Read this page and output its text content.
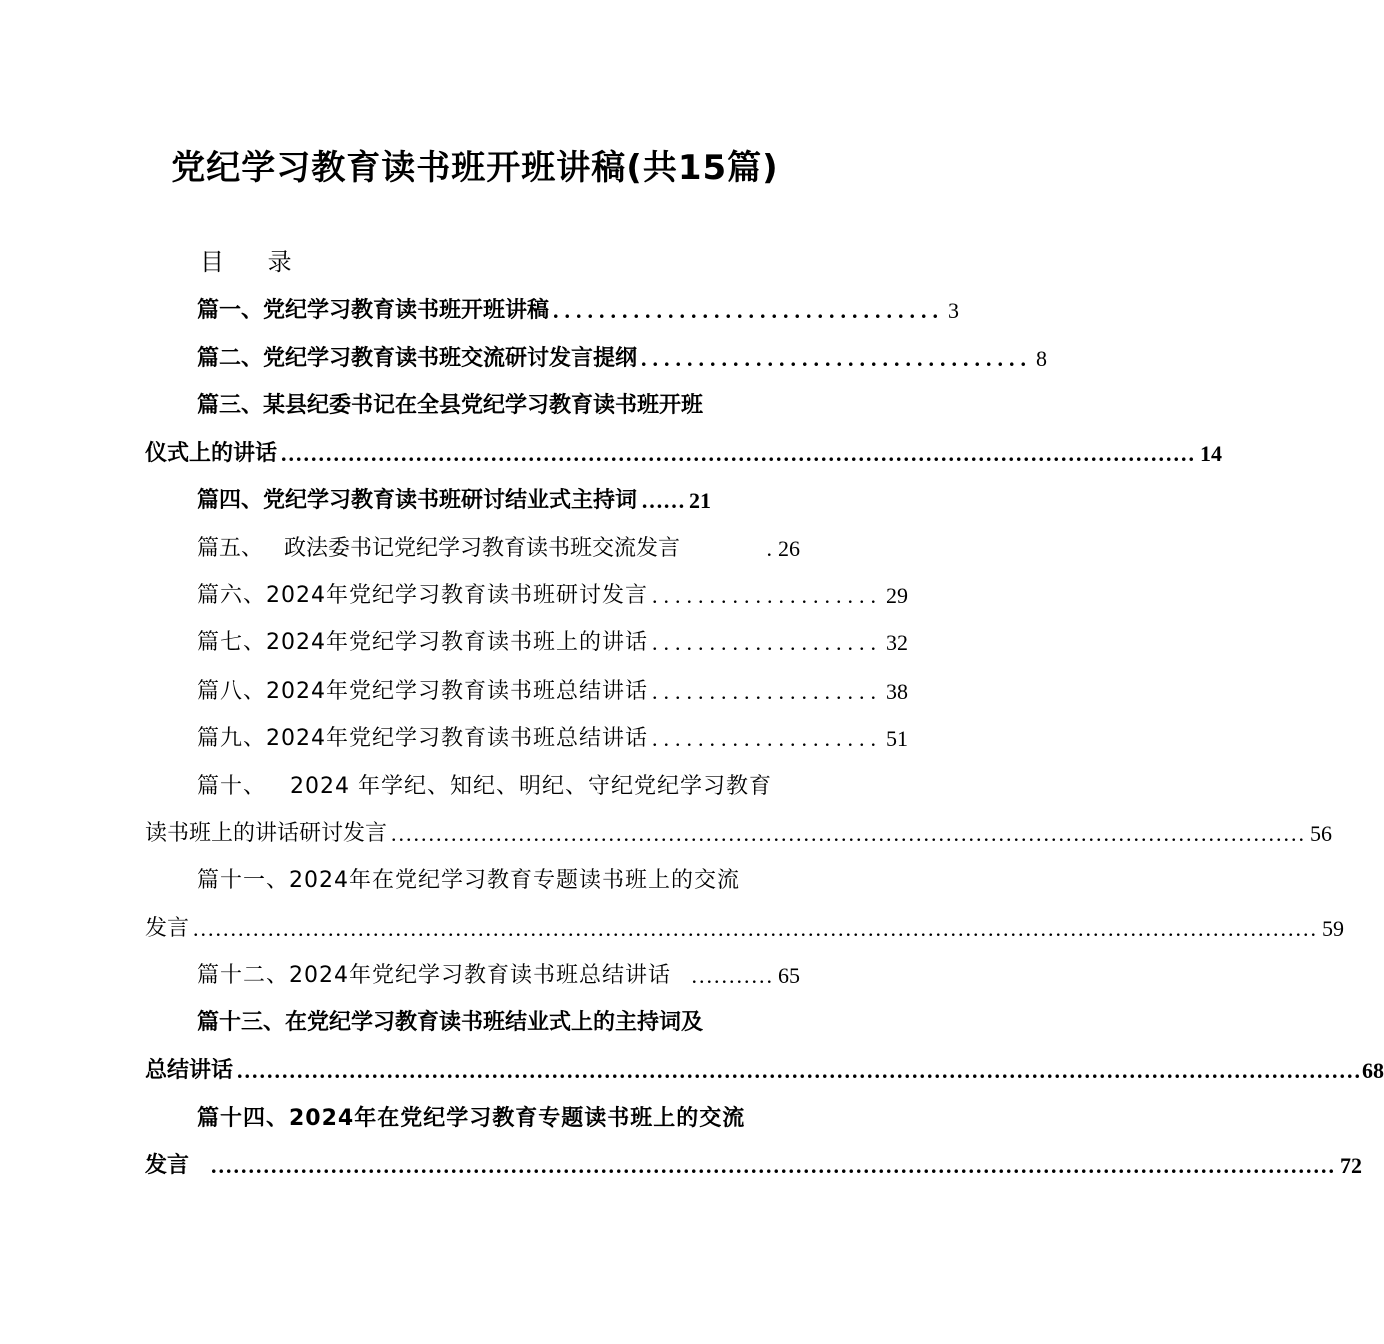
党纪学习教育读书班开班讲稿(共15篇)
目 录
篇一、党纪学习教育读书班开班讲稿 .................................. 3
篇二、党纪学习教育读书班交流研讨发言提纲 .................................. 8
篇三、某县纪委书记在全县党纪学习教育读书班开班
仪式上的讲话 .......................................................................................................................... 14
篇四、党纪学习教育读书班研讨结业式主持词 …… 21
篇五、   政法委书记党纪学习教育读书班交流发言	. 26
篇六、2024年党纪学习教育读书班研讨发言 .................... 29
篇七、2024年党纪学习教育读书班上的讲话 .................... 32
篇八、2024年党纪学习教育读书班总结讲话 .................... 38
篇九、2024年党纪学习教育读书班总结讲话 .................... 51
篇十、   2024 年学纪、知纪、明纪、守纪党纪学习教育
读书班上的讲话研讨发言 .......................................................................................................................... 56
篇十一、2024年在党纪学习教育专题读书班上的交流
发言 ...................................................................................................................................................... 59
篇十二、2024年党纪学习教育读书班总结讲话 ........... 65
篇十三、在党纪学习教育读书班结业式上的主持词及
总结讲话 ...................................................................................................................................................... 68
篇十四、2024年在党纪学习教育专题读书班上的交流
发言	...................................................................................................................................................... 72
